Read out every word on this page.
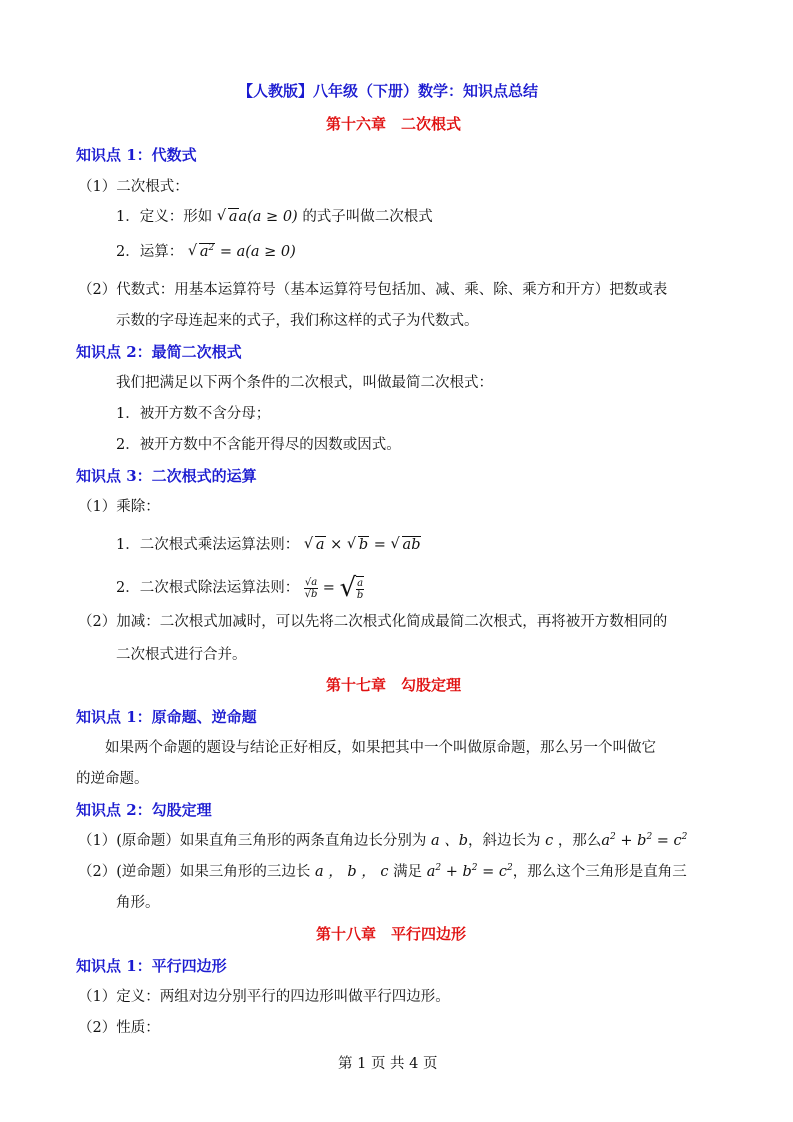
【人教版】八年级（下册）数学：知识点总结
第十六章　二次根式
知识点 1：代数式
（1）二次根式：
1．定义：形如 √ aa(a ≥ 0) 的式子叫做二次根式
2．运算： √ $a^2 = a(a \ge 0)$
（2）代数式：用基本运算符号（基本运算符号包括加、减、乘、除、乘方和开方）把数或表
示数的字母连起来的式子，我们称这样的式子为代数式。
知识点 2：最简二次根式
我们把满足以下两个条件的二次根式，叫做最简二次根式：
1．被开方数不含分母；
2．被开方数中不含能开得尽的因数或因式。
知识点 3：二次根式的运算
（1）乘除：
1．二次根式乘法运算法则： √ a × √ b = √ ab
2．二次根式除法运算法则： $\frac{√a}{√b}$ = √ $\frac{a}{b}$
（2）加减：二次根式加减时，可以先将二次根式化简成最简二次根式，再将被开方数相同的
二次根式进行合并。
第十七章　勾股定理
知识点 1：原命题、逆命题
如果两个命题的题设与结论正好相反，如果把其中一个叫做原命题，那么另一个叫做它
的逆命题。
知识点 2：勾股定理
（1）(原命题）如果直角三角形的两条直角边长分别为 a 、b，斜边长为 c ，那么$a^2 + b^2 = c^2$
（2）(逆命题）如果三角形的三边长 a ， b ， c 满足 $a^2 + b^2 = c^2$，那么这个三角形是直角三
角形。
第十八章　平行四边形
知识点 1：平行四边形
（1）定义：两组对边分别平行的四边形叫做平行四边形。
（2）性质：
第 1 页 共 4 页
